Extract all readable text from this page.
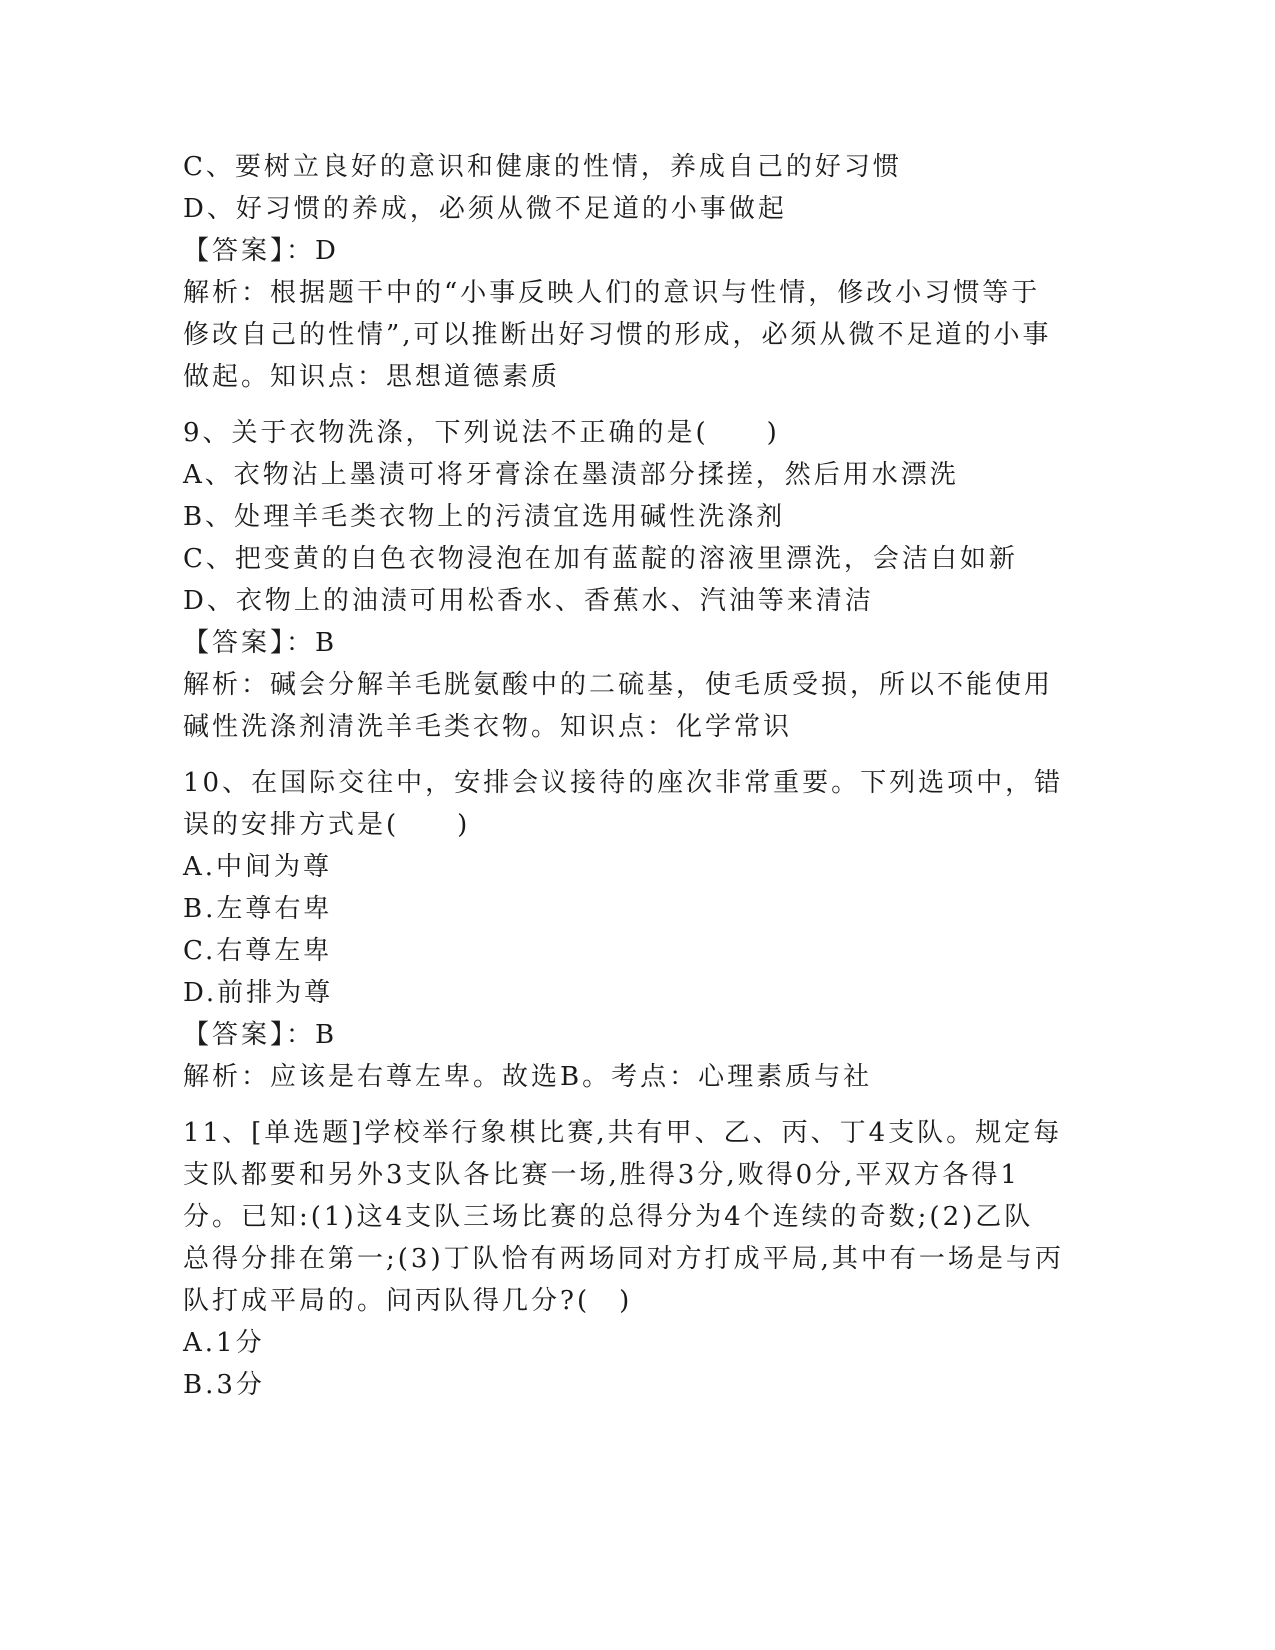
C、要树立良好的意识和健康的性情，养成自己的好习惯

D、好习惯的养成，必须从微不足道的小事做起

【答案】：D

解析：根据题干中的“小事反映人们的意识与性情，修改小习惯等于

修改自己的性情”,可以推断出好习惯的形成，必须从微不足道的小事

做起。知识点：思想道德素质

9、关于衣物洗涤，下列说法不正确的是(　　)

A、衣物沾上墨渍可将牙膏涂在墨渍部分揉搓，然后用水漂洗

B、处理羊毛类衣物上的污渍宜选用碱性洗涤剂

C、把变黄的白色衣物浸泡在加有蓝靛的溶液里漂洗，会洁白如新

D、衣物上的油渍可用松香水、香蕉水、汽油等来清洁

【答案】：B

解析：碱会分解羊毛胱氨酸中的二硫基，使毛质受损，所以不能使用

碱性洗涤剂清洗羊毛类衣物。知识点：化学常识

10、在国际交往中，安排会议接待的座次非常重要。下列选项中，错

误的安排方式是(　　)

A.中间为尊

B.左尊右卑

C.右尊左卑

D.前排为尊

【答案】：B

解析：应该是右尊左卑。故选B。考点：心理素质与社

11、[单选题]学校举行象棋比赛,共有甲、乙、丙、丁4支队。规定每

支队都要和另外3支队各比赛一场,胜得3分,败得0分,平双方各得1

分。已知:(1)这4支队三场比赛的总得分为4个连续的奇数;(2)乙队

总得分排在第一;(3)丁队恰有两场同对方打成平局,其中有一场是与丙

队打成平局的。问丙队得几分?(　)

A.1分

B.3分
